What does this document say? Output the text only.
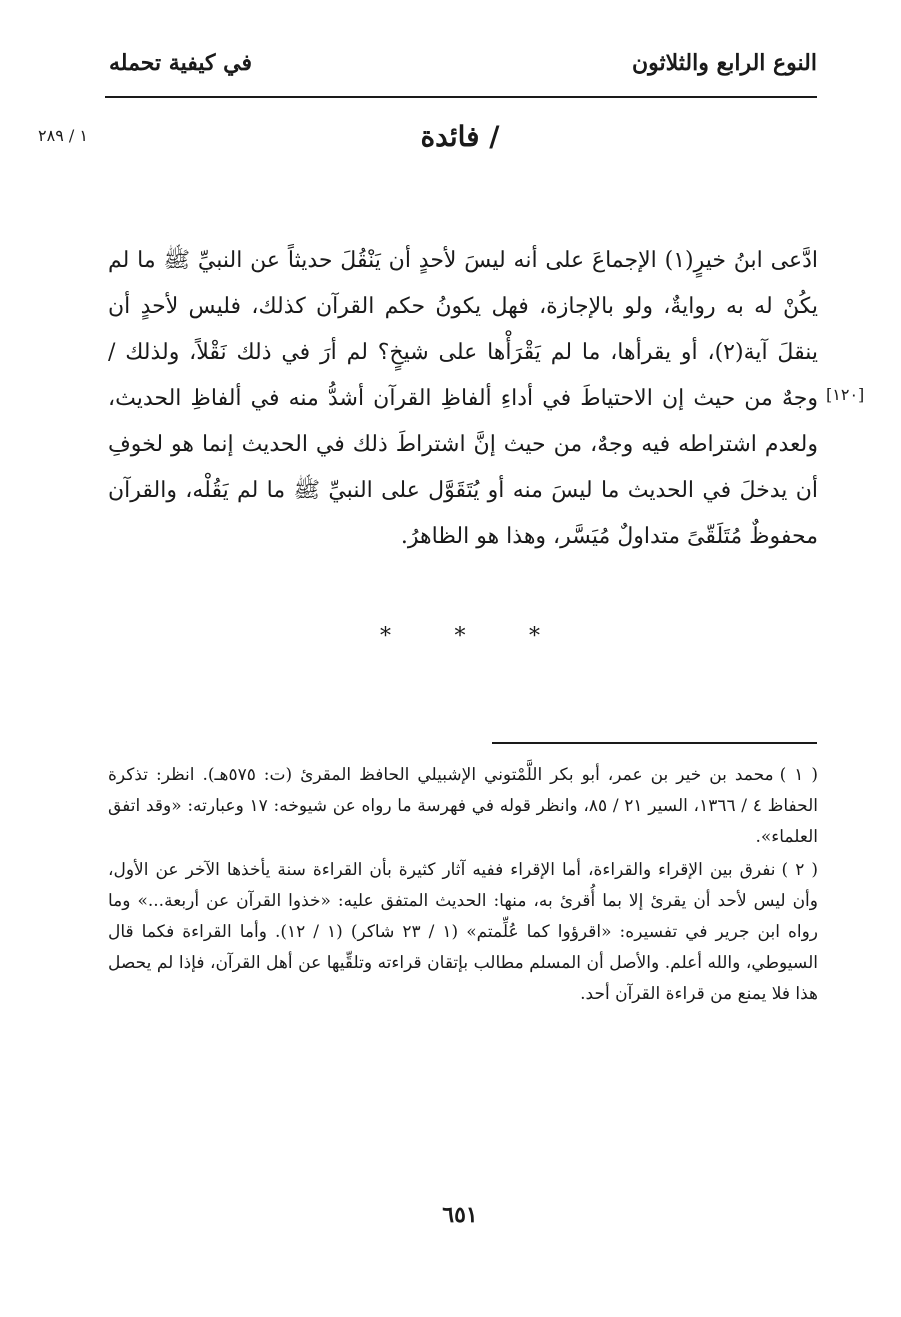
النوع الرابع والثلاثون
في كيفية تحمله
١ / ٢٨٩	/ فائدة
[١٢٠]

ادَّعى ابنُ خيرٍ(١) الإجماعَ على أنه ليسَ لأحدٍ أن يَنْقُلَ حديثاً عن النبيِّ ﷺ ما لم يكُنْ له به روايةٌ، ولو بالإجازة، فهل يكونُ حكم القرآن كذلك، فليس لأحدٍ أن ينقلَ آية(٢)، أو يقرأها، ما لم يَقْرَأْها على شيخٍ؟ لم أرَ في ذلك نَقْلاً، ولذلك / وجهٌ من حيث إن الاحتياطَ في أداءِ ألفاظِ القرآن أشدُّ منه في ألفاظِ الحديث، ولعدم اشتراطه فيه وجهٌ، من حيث إنَّ اشتراطَ ذلك في الحديث إنما هو لخوفِ أن يدخلَ في الحديث ما ليسَ منه أو يُتَقَوَّل على النبيِّ ﷺ ما لم يَقُلْه، والقرآن محفوظٌ مُتَلَقّىً متداولٌ مُيَسَّر، وهذا هو الظاهرُ.

*	*	*

( ١ )محمد بن خير بن عمر، أبو بكر اللَّمْتوني الإشبيلي الحافظ المقرئ (ت: ٥٧٥هـ). انظر: تذكرة الحفاظ ٤ / ١٣٦٦، السير ٢١ / ٨٥، وانظر قوله في فهرسة ما رواه عن شيوخه: ١٧ وعبارته: «وقد اتفق العلماء».

( ٢ )نفرق بين الإقراء والقراءة، أما الإقراء ففيه آثار كثيرة بأن القراءة سنة يأخذها الآخر عن الأول، وأن ليس لأحد أن يقرئ إلا بما أُقرئ به، منها: الحديث المتفق عليه: «خذوا القرآن عن أربعة...» وما رواه ابن جرير في تفسيره: «اقرؤوا كما عُلِّمتم» (١ / ٢٣ شاكر) (١ / ١٢). وأما القراءة فكما قال السيوطي، والله أعلم. والأصل أن المسلم مطالب بإتقان قراءته وتلقِّيها عن أهل القرآن، فإذا لم يحصل هذا فلا يمنع من قراءة القرآن أحد.

٦٥١
